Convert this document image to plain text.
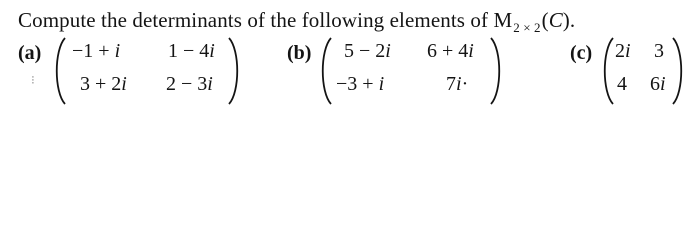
Compute the determinants of the following elements of $M_{2 \times 2}(C)$.
(a) −1 + i 1 − 4i
3 + 2i 2 − 3i
(b) 5 − 2i 6 + 4i
−3 + i	7i·
(c) 2i 3
4 6i
⁝
